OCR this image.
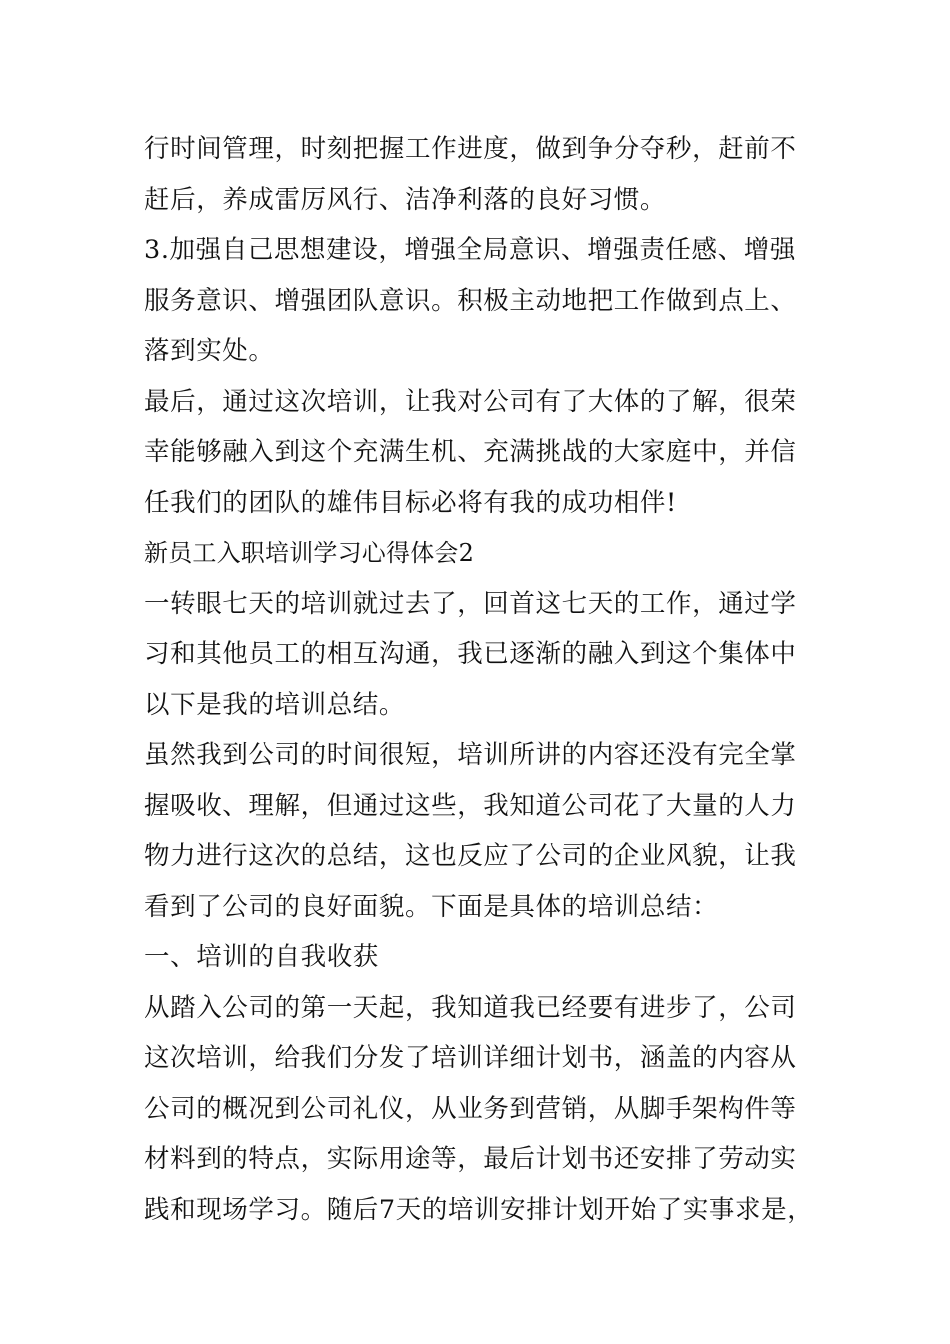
行时间管理，时刻把握工作进度，做到争分夺秒，赶前不
赶后，养成雷厉风行、洁净利落的良好习惯。
3.加强自己思想建设，增强全局意识、增强责任感、增强
服务意识、增强团队意识。积极主动地把工作做到点上、
落到实处。
最后，通过这次培训，让我对公司有了大体的了解，很荣
幸能够融入到这个充满生机、充满挑战的大家庭中，并信
任我们的团队的雄伟目标必将有我的成功相伴!
新员工入职培训学习心得体会2
一转眼七天的培训就过去了，回首这七天的工作，通过学
习和其他员工的相互沟通，我已逐渐的融入到这个集体中
以下是我的培训总结。
虽然我到公司的时间很短，培训所讲的内容还没有完全掌
握吸收、理解，但通过这些，我知道公司花了大量的人力
物力进行这次的总结，这也反应了公司的企业风貌，让我
看到了公司的良好面貌。下面是具体的培训总结：
一、培训的自我收获
从踏入公司的第一天起，我知道我已经要有进步了，公司
这次培训，给我们分发了培训详细计划书，涵盖的内容从
公司的概况到公司礼仪，从业务到营销，从脚手架构件等
材料到的特点，实际用途等，最后计划书还安排了劳动实
践和现场学习。随后7天的培训安排计划开始了实事求是，
